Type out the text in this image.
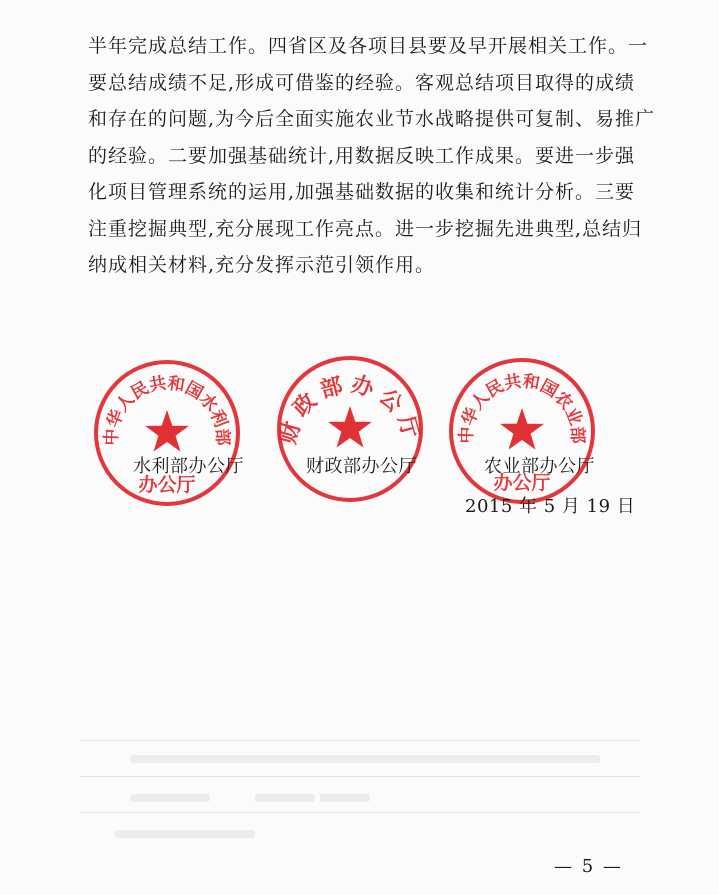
半年完成总结工作。四省区及各项目县要及早开展相关工作。一
要总结成绩不足,形成可借鉴的经验。客观总结项目取得的成绩
和存在的问题,为今后全面实施农业节水战略提供可复制、易推广
的经验。二要加强基础统计,用数据反映工作成果。要进一步强
化项目管理系统的运用,加强基础数据的收集和统计分析。三要
注重挖掘典型,充分展现工作亮点。进一步挖掘先进典型,总结归
纳成相关材料,充分发挥示范引领作用。
中华人民共和国水利部
办公厅
财政部办公厅 中华人民共和国农业部
办公厅
水利部办公厅	财政部办公厅	农业部办公厅
2015 年 5 月 19 日
— 5 —
